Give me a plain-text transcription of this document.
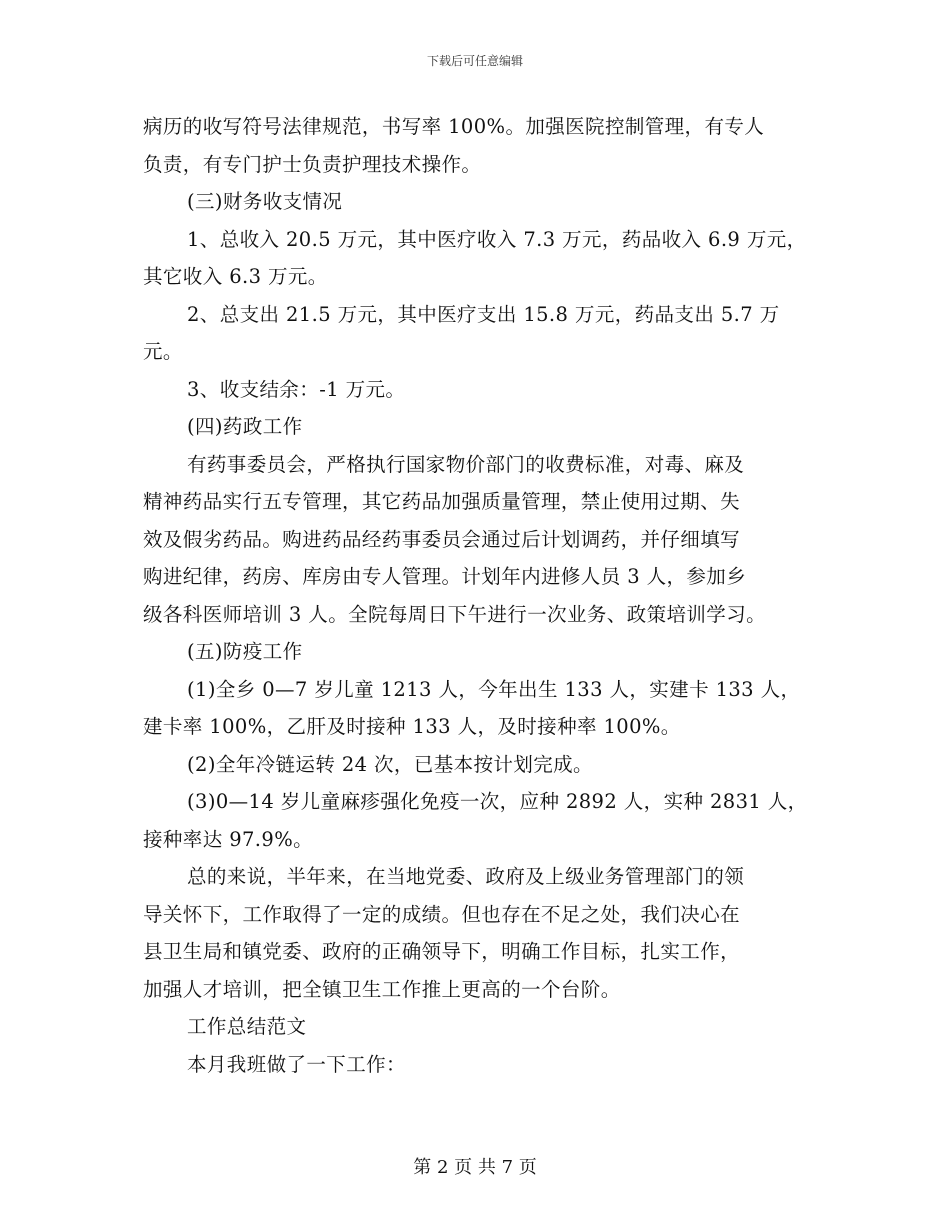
下载后可任意编辑
病历的收写符号法律规范，书写率 100%。加强医院控制管理，有专人
负责，有专门护士负责护理技术操作。
(三)财务收支情况
1、总收入 20.5 万元，其中医疗收入 7.3 万元，药品收入 6.9 万元，
其它收入 6.3 万元。
2、总支出 21.5 万元，其中医疗支出 15.8 万元，药品支出 5.7 万
元。
3、收支结余：-1 万元。
(四)药政工作
有药事委员会，严格执行国家物价部门的收费标准，对毒、麻及
精神药品实行五专管理，其它药品加强质量管理，禁止使用过期、失
效及假劣药品。购进药品经药事委员会通过后计划调药，并仔细填写
购进纪律，药房、库房由专人管理。计划年内进修人员 3 人，参加乡
级各科医师培训 3 人。全院每周日下午进行一次业务、政策培训学习。
(五)防疫工作
(1)全乡 0—7 岁儿童 1213 人，今年出生 133 人，实建卡 133 人，
建卡率 100%，乙肝及时接种 133 人，及时接种率 100%。
(2)全年冷链运转 24 次，已基本按计划完成。
(3)0—14 岁儿童麻疹强化免疫一次，应种 2892 人，实种 2831 人，
接种率达 97.9%。
总的来说，半年来，在当地党委、政府及上级业务管理部门的领
导关怀下，工作取得了一定的成绩。但也存在不足之处，我们决心在
县卫生局和镇党委、政府的正确领导下，明确工作目标，扎实工作，
加强人才培训，把全镇卫生工作推上更高的一个台阶。
工作总结范文
本月我班做了一下工作：
第 2 页 共 7 页
